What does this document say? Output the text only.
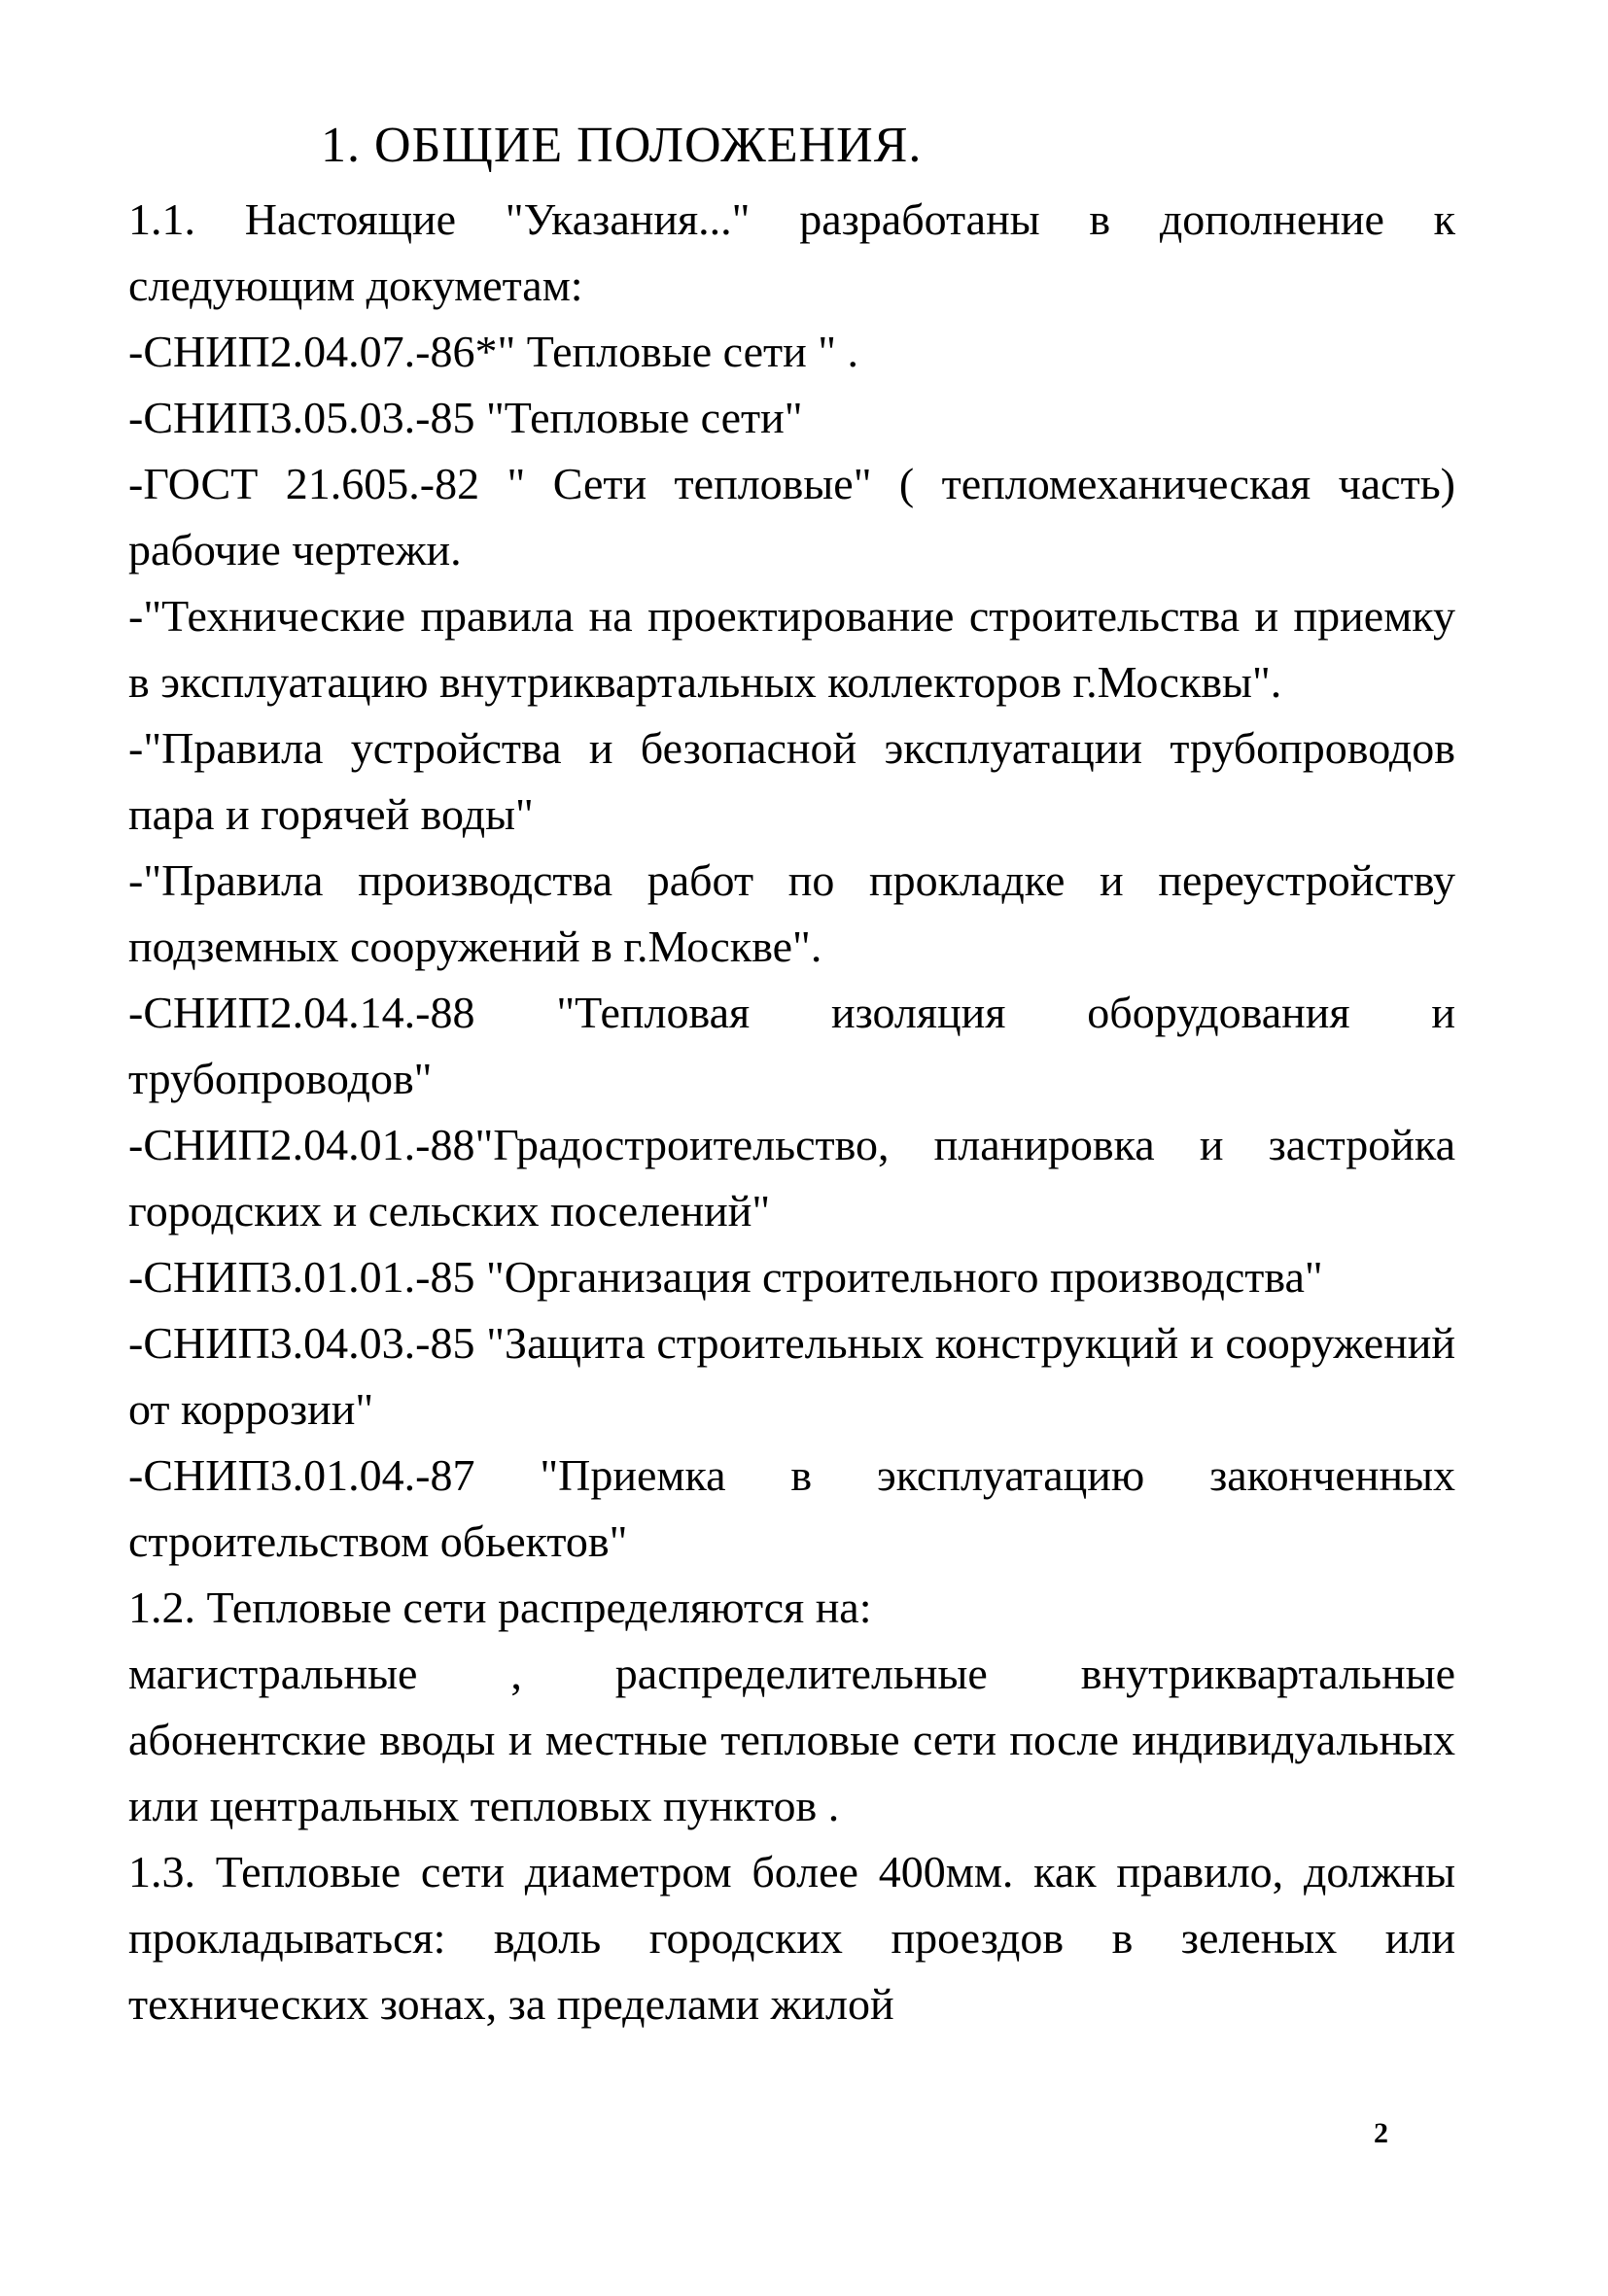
1. ОБЩИЕ ПОЛОЖЕНИЯ.

1.1. Настоящие "Указания..." разработаны в дополнение к следующим докуметам:

-СНИП2.04.07.-86*" Тепловые сети " .

-СНИП3.05.03.-85 "Тепловые сети"

-ГОСТ 21.605.-82 " Сети тепловые" ( тепломеханическая часть) рабочие чертежи.

-"Технические правила на проектирование строительства и приемку в эксплуатацию внутриквартальных коллекторов г.Москвы".

-"Правила устройства и безопасной эксплуатации трубопроводов пара и горячей воды"

-"Правила производства работ по прокладке и переустройству подземных сооружений в г.Москве".

-СНИП2.04.14.-88 "Тепловая изоляция оборудования и трубопроводов"

-СНИП2.04.01.-88"Градостроительство, планировка и застройка городских и сельских поселений"

-СНИП3.01.01.-85 "Организация строительного производства"

-СНИП3.04.03.-85 "Защита строительных конструкций и сооружений от коррозии"

-СНИП3.01.04.-87 "Приемка в эксплуатацию законченных строительством обьектов"

1.2. Тепловые сети распределяются на:

магистральные , распределительные внутриквартальные абонентские вводы и местные тепловые сети после индивидуальных или центральных тепловых пунктов .

1.3. Тепловые сети диаметром более 400мм. как правило, должны прокладываться: вдоль городских проездов в зеленых или технических зонах, за пределами жилой

2
